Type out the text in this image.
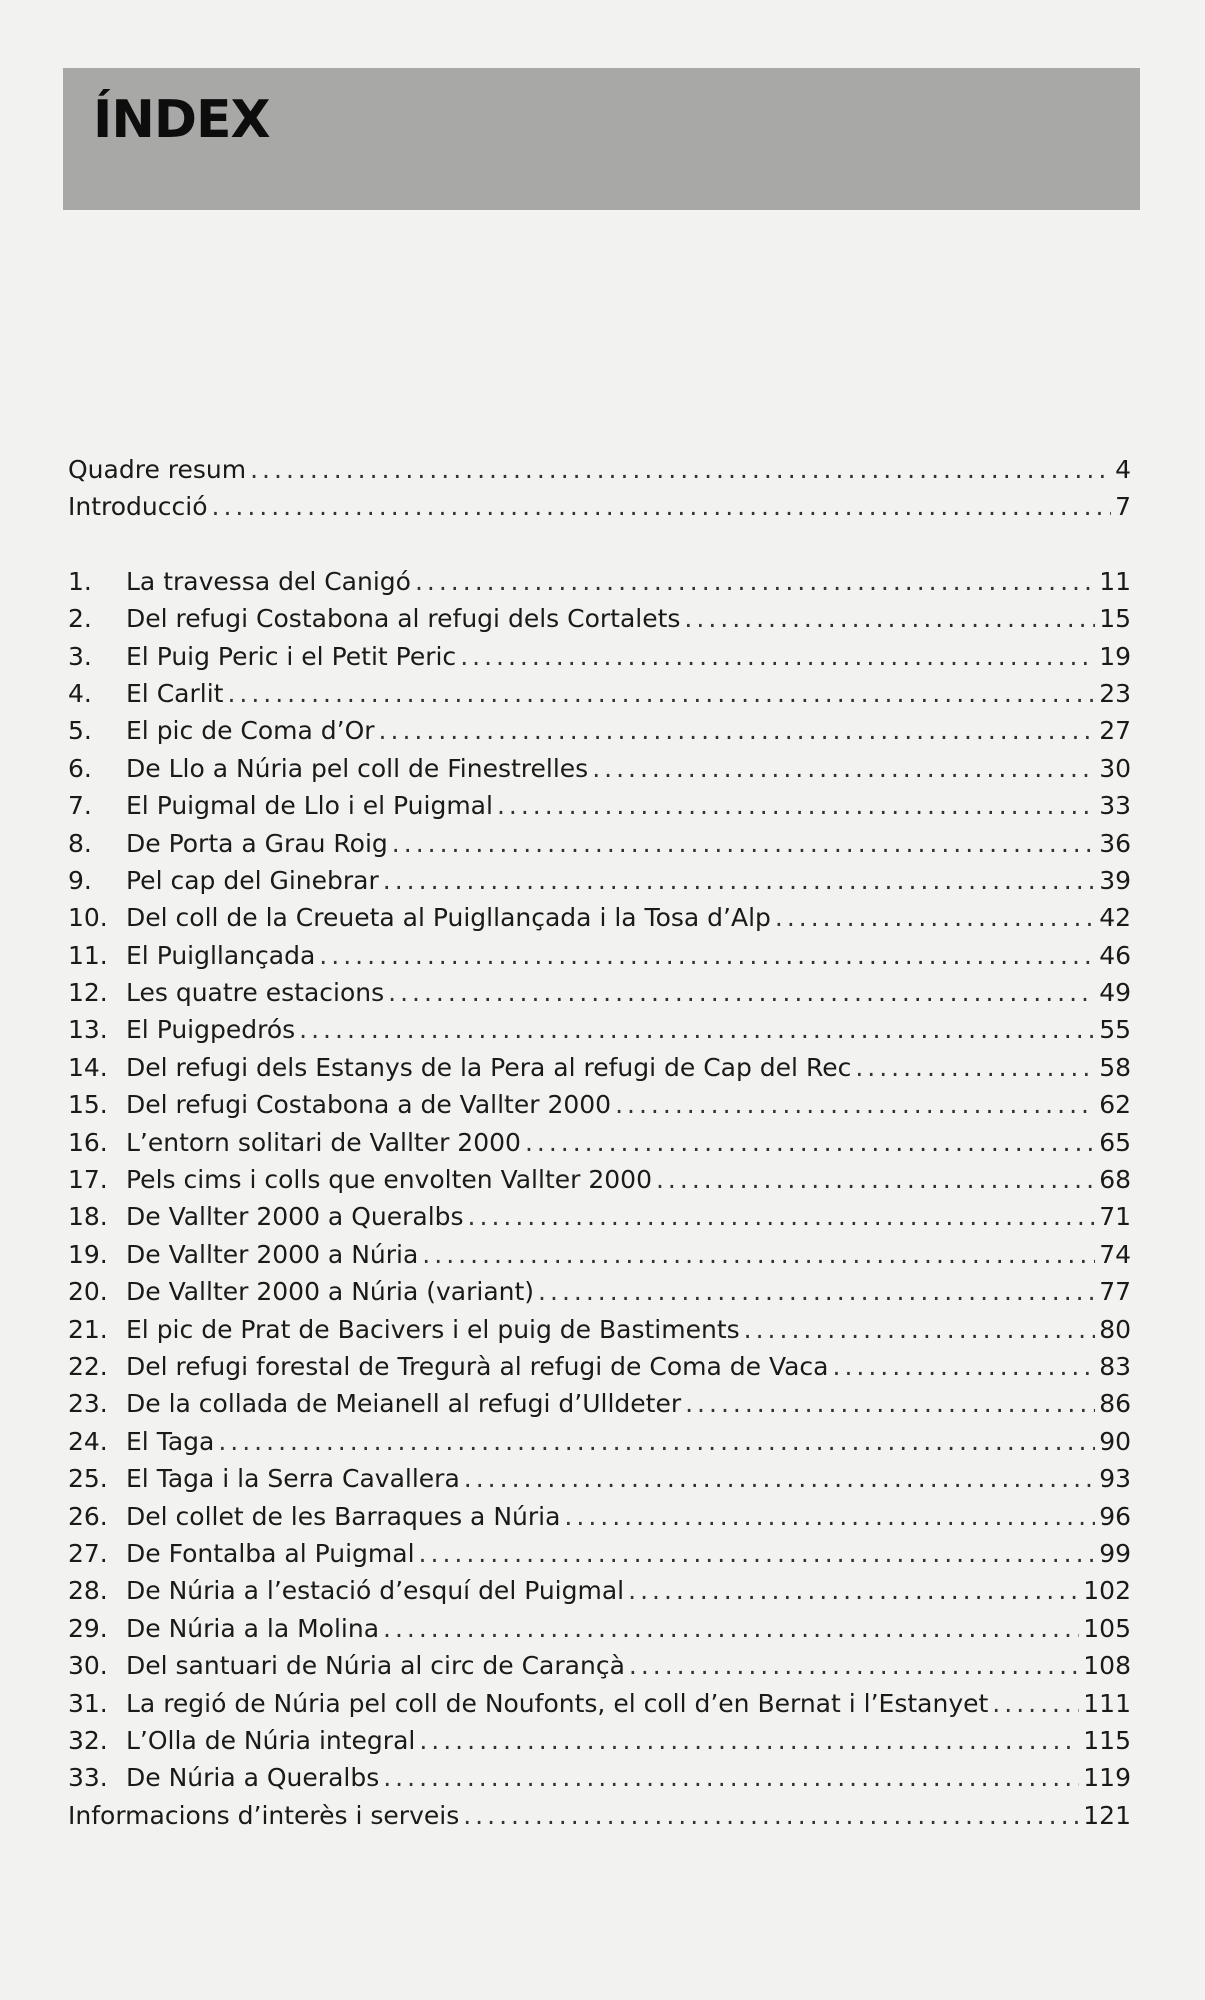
ÍNDEX
Quadre resum .....	4
Introducció .....	7
1.	La travessa del Canigó .....	11
2.	Del refugi Costabona al refugi dels Cortalets .....	15
3.	El Puig Peric i el Petit Peric .....	19
4.	El Carlit .....	23
5.	El pic de Coma d’Or .....	27
6.	De Llo a Núria pel coll de Finestrelles .....	30
7.	El Puigmal de Llo i el Puigmal .....	33
8.	De Porta a Grau Roig .....	36
9.	Pel cap del Ginebrar .....	39
10. Del coll de la Creueta al Puigllançada i la Tosa d’Alp .....	42
11. El Puigllançada .....	46
12. Les quatre estacions .....	49
13. El Puigpedrós .....	55
14. Del refugi dels Estanys de la Pera al refugi de Cap del Rec .....	58
15. Del refugi Costabona a de Vallter 2000 .....	62
16. L’entorn solitari de Vallter 2000 .....	65
17. Pels cims i colls que envolten Vallter 2000 .....	68
18. De Vallter 2000 a Queralbs .....	71
19. De Vallter 2000 a Núria .....	74
20. De Vallter 2000 a Núria (variant) .....	77
21. El pic de Prat de Bacivers i el puig de Bastiments .....	80
22. Del refugi forestal de Tregurà al refugi de Coma de Vaca .....	83
23. De la collada de Meianell al refugi d’Ulldeter .....	86
24. El Taga .....	90
25. El Taga i la Serra Cavallera .....	93
26. Del collet de les Barraques a Núria .....	96
27. De Fontalba al Puigmal .....	99
28. De Núria a l’estació d’esquí del Puigmal .....	102
29. De Núria a la Molina .....	105
30. Del santuari de Núria al circ de Carançà .....	108
31. La regió de Núria pel coll de Noufonts, el coll d’en Bernat i l’Estanyet .....	111
32. L’Olla de Núria integral .....	115
33. De Núria a Queralbs .....	119
Informacions d’interès i serveis .....	121
